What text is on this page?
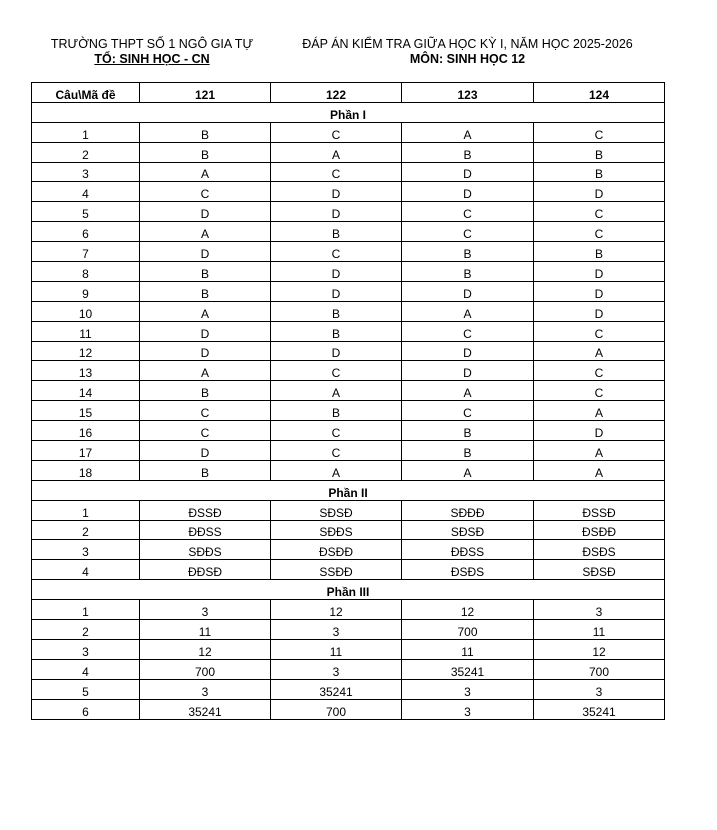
TRƯỜNG THPT SỐ 1 NGÔ GIA TỰ
TỔ: SINH HỌC - CN
ĐÁP ÁN KIỂM TRA GIỮA HỌC KỲ I, NĂM HỌC 2025-2026
MÔN: SINH HỌC 12
Câu\Mã đề	121	122	123	124
Phần I				
1	B	C	A	C
2	B	A	B	B
3	A	C	D	B
4	C	D	D	D
5	D	D	C	C
6	A	B	C	C
7	D	C	B	B
8	B	D	B	D
9	B	D	D	D
10	A	B	A	D
11	D	B	C	C
12	D	D	D	A
13	A	C	D	C
14	B	A	A	C
15	C	B	C	A
16	C	C	B	D
17	D	C	B	A
18	B	A	A	A
Phần II				
1	ĐSSĐ	SĐSĐ	SĐĐĐ	ĐSSĐ
2	ĐĐSS	SĐĐS	SĐSĐ	ĐSĐĐ
3	SĐĐS	ĐSĐĐ	ĐĐSS	ĐSĐS
4	ĐĐSĐ	SSĐĐ	ĐSĐS	SĐSĐ
Phần III				
1	3	12	12	3
2	11	3	700	11
3	12	11	11	12
4	700	3	35241	700
5	3	35241	3	3
6	35241	700	3	35241
